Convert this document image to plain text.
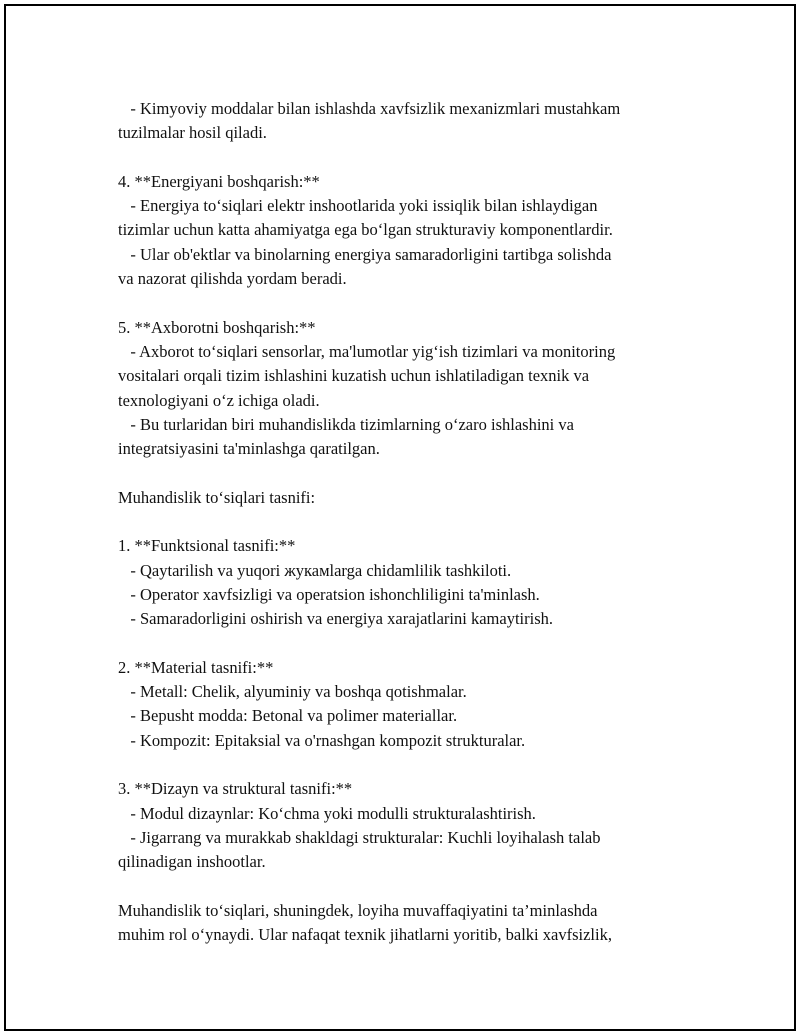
- Kimyoviy moddalar bilan ishlashda xavfsizlik mexanizmlari mustahkam
tuzilmalar hosil qiladi.
4. **Energiyani boshqarish:**
- Energiya to‘siqlari elektr inshootlarida yoki issiqlik bilan ishlaydigan
tizimlar uchun katta ahamiyatga ega bo‘lgan strukturaviy komponentlardir.
- Ular ob'ektlar va binolarning energiya samaradorligini tartibga solishda
va nazorat qilishda yordam beradi.
5. **Axborotni boshqarish:**
- Axborot to‘siqlari sensorlar, ma'lumotlar yig‘ish tizimlari va monitoring
vositalari orqali tizim ishlashini kuzatish uchun ishlatiladigan texnik va
texnologiyani o‘z ichiga oladi.
- Bu turlaridan biri muhandislikda tizimlarning o‘zaro ishlashini va
integratsiyasini ta'minlashga qaratilgan.
Muhandislik to‘siqlari tasnifi:
1. **Funktsional tasnifi:**
- Qaytarilish va yuqori жукамlarga chidamlilik tashkiloti.
- Operator xavfsizligi va operatsion ishonchliligini ta'minlash.
- Samaradorligini oshirish va energiya xarajatlarini kamaytirish.
2. **Material tasnifi:**
- Metall: Chelik, alyuminiy va boshqa qotishmalar.
- Bepusht modda: Betonal va polimer materiallar.
- Kompozit: Epitaksial va o'rnashgan kompozit strukturalar.
3. **Dizayn va struktural tasnifi:**
- Modul dizaynlar: Ko‘chma yoki modulli strukturalashtirish.
- Jigarrang va murakkab shakldagi strukturalar: Kuchli loyihalash talab
qilinadigan inshootlar.
Muhandislik to‘siqlari, shuningdek, loyiha muvaffaqiyatini ta’minlashda
muhim rol o‘ynaydi. Ular nafaqat texnik jihatlarni yoritib, balki xavfsizlik,
